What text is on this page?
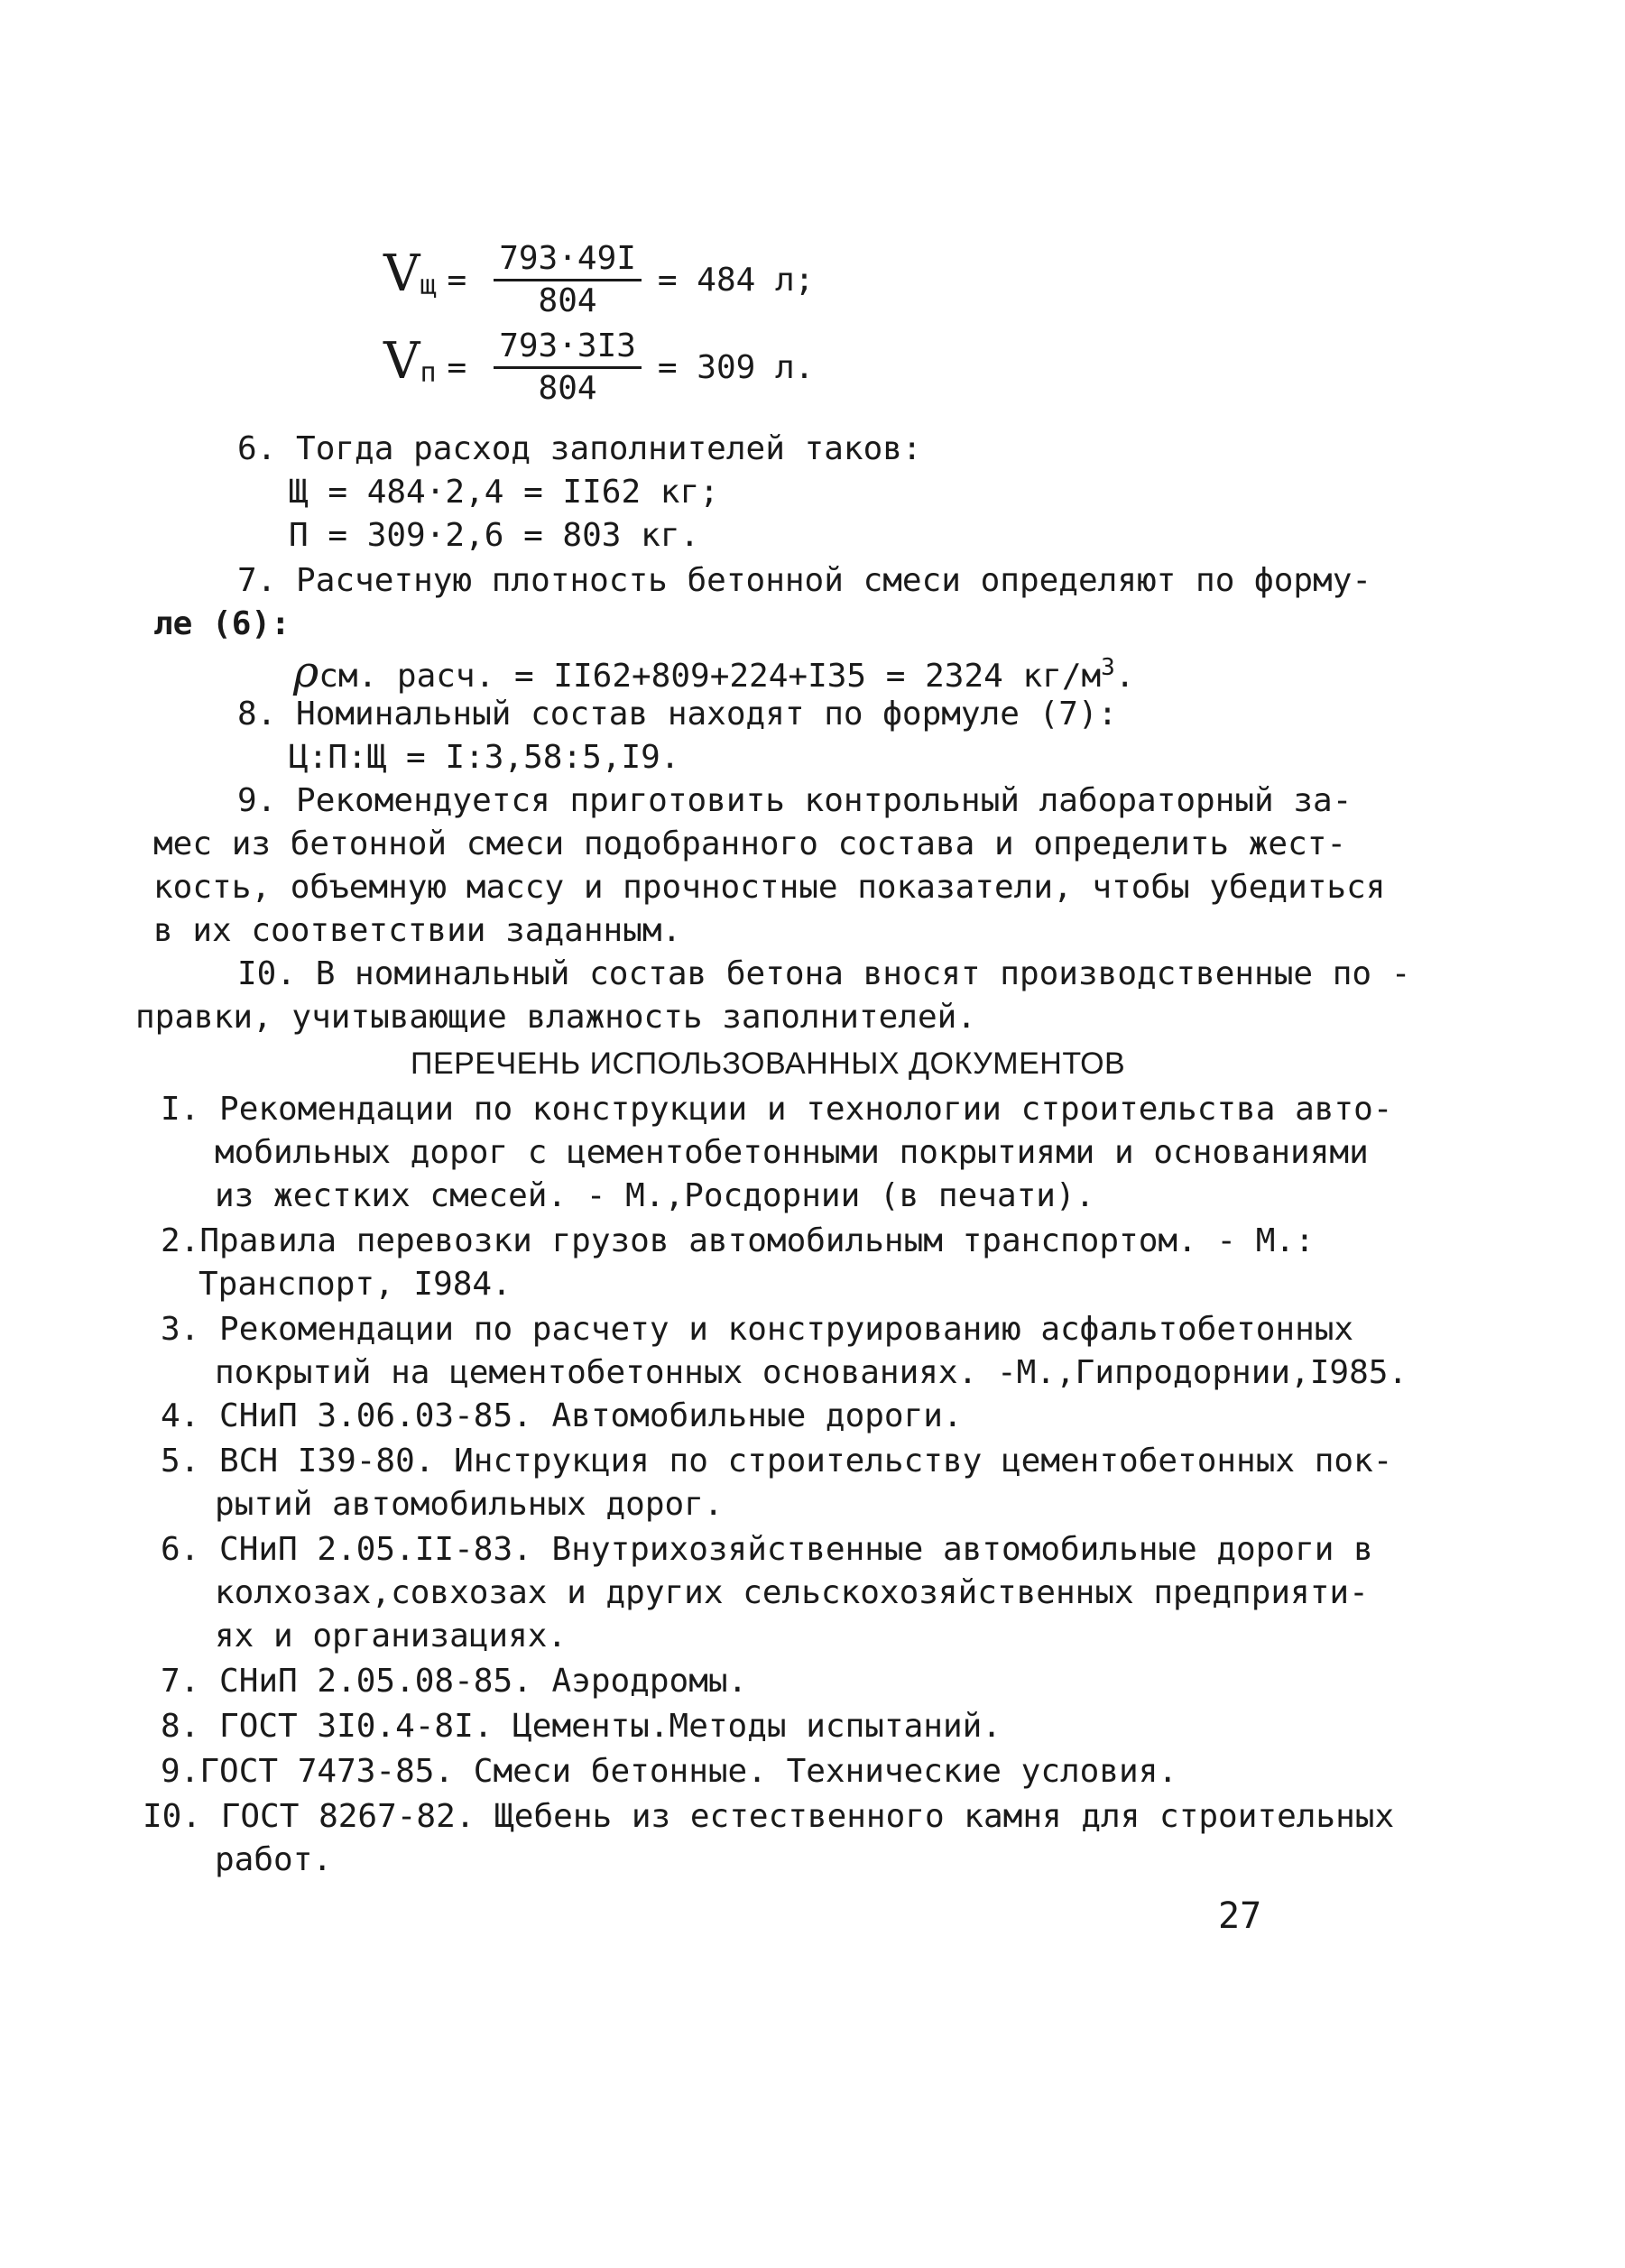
$V_щ = \frac{793\cdot 49I}{804} = 484$ л;
$V_п = \frac{793\cdot 3I3}{804} = 309$ л.
6. Тогда расход заполнителей таков:
Щ = 484·2,4 = II62 кг;
П = 309·2,6 = 803 кг.
7. Расчетную плотность бетонной смеси определяют по форму-
ле (6):
ρсм. расч. = II62+809+224+I35 = 2324 $кг/м^3$.
8. Номинальный состав находят по формуле (7):
Ц:П:Щ = I:3,58:5,I9.
9. Рекомендуется приготовить контрольный лабораторный за-
мес из бетонной смеси подобранного состава и определить жест-
кость, объемную массу и прочностные показатели, чтобы убедиться
в их соответствии заданным.
I0. В номинальный состав бетона вносят производственные по -
правки, учитывающие влажность заполнителей.
ПЕРЕЧЕНЬ ИСПОЛЬЗОВАННЫХ ДОКУМЕНТОВ
I. Рекомендации по конструкции и технологии строительства авто-
мобильных дорог с цементобетонными покрытиями и основаниями
из жестких смесей. - М.,Росдорнии (в печати).
2.Правила перевозки грузов автомобильным транспортом. - М.:
Транспорт, I984.
3. Рекомендации по расчету и конструированию асфальтобетонных
покрытий на цементобетонных основаниях. -М.,Гипродорнии,I985.
4. СНиП 3.06.03-85. Автомобильные дороги.
5. ВСН I39-80. Инструкция по строительству цементобетонных пок-
рытий автомобильных дорог.
6. СНиП 2.05.II-83. Внутрихозяйственные автомобильные дороги в
колхозах,совхозах и других сельскохозяйственных предприяти-
ях и организациях.
7. СНиП 2.05.08-85. Аэродромы.
8. ГОСТ 3I0.4-8I. Цементы.Методы испытаний.
9.ГОСТ 7473-85. Смеси бетонные. Технические условия.
I0. ГОСТ 8267-82. Щебень из естественного камня для строительных
работ.
27
